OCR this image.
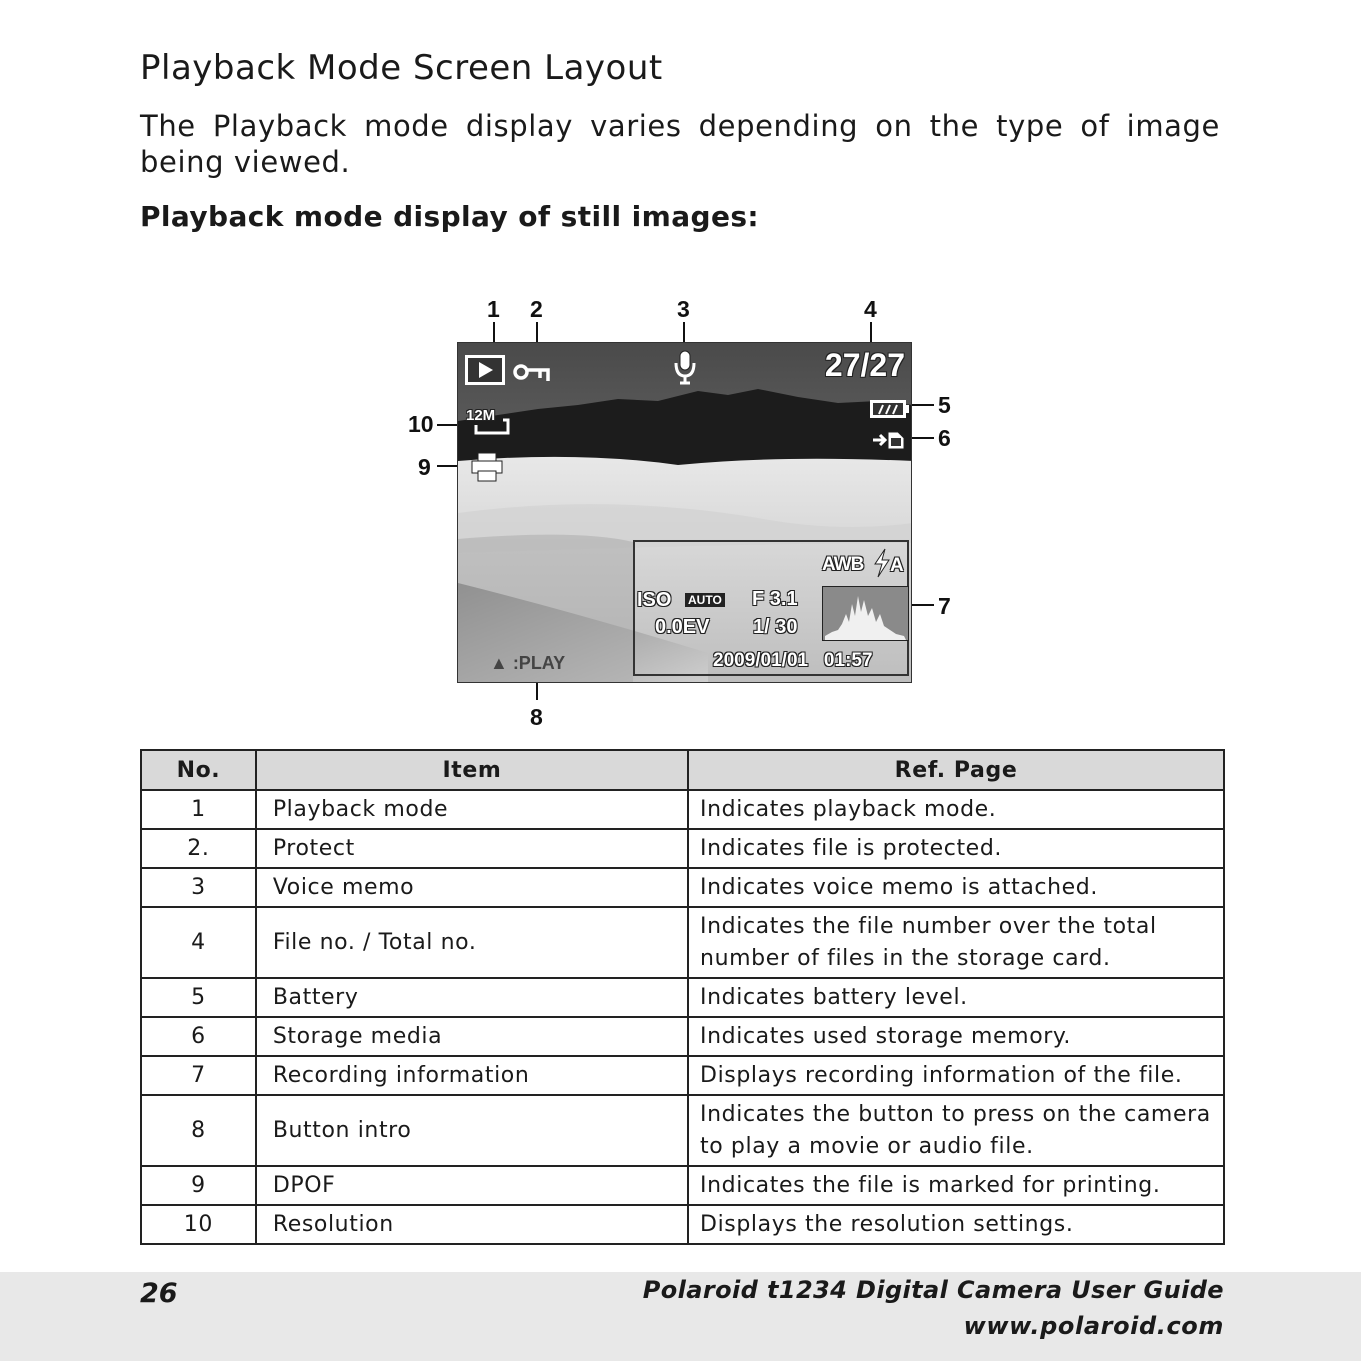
Playback Mode Screen Layout

The Playback mode display varies depending on the type of image being viewed.

Playback mode display of still images:
1 2	3	4
5
6
7
8
9
10
27/27
12M
▲ :PLAY
AWB A
ISO AUTO F 3.1
0.0EV 1/ 30
2009/01/01   01:57
No.	Item	Ref. Page
1	Playback mode	Indicates playback mode.
2.	Protect	Indicates file is protected.
3	Voice memo	Indicates voice memo is attached.
4	File no. / Total no.	Indicates the file number over the total number of files in the storage card.
5	Battery	Indicates battery level.
6	Storage media	Indicates used storage memory.
7	Recording information	Displays recording information of the file.
8	Button intro	Indicates the button to press on the camera to play a movie or audio file.
9	DPOF	Indicates the file is marked for printing.
10	Resolution	Displays the resolution settings.
26	Polaroid t1234 Digital Camera User Guide
www.polaroid.com
